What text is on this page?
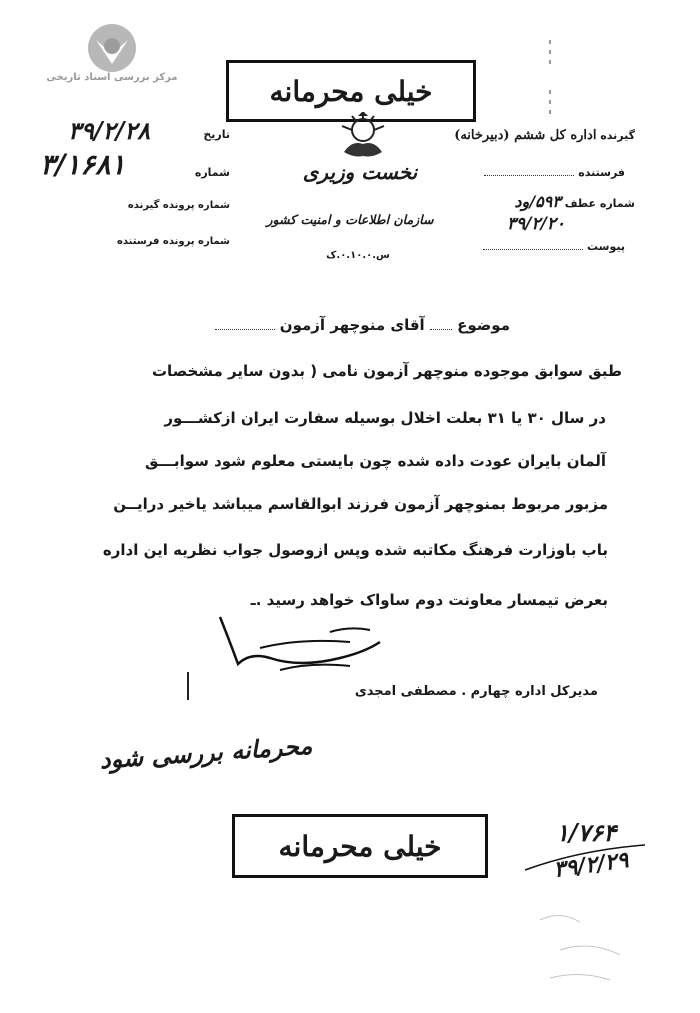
مرکز بررسی اسناد تاریخی	خیلی محرمانه
گیرنده اداره کل ششم (دبیرخانه)
فرستنده
شماره عطف ۵۹۳/ود
۳۹/۲/۲۰
پیوست
نخست وزیری
سازمان اطلاعات و امنیت کشور
س.۰.۱۰.۰.ک
۳۹/۲/۲۸	تاریخ
۳/۱۶۸۱	شماره
شماره پرونده گیرنده
شماره پرونده فرستنده
موضوع  آقای منوچهر آزمون
طبق سوابق موجوده منوچهر آزمون نامی ( بدون سایر مشخصات
در سال ۳۰ یا ۳۱ بعلت اخلال بوسیله سفارت ایران ازکشـــور
آلمان بایران عودت داده شده چون بایستی معلوم شود سوابـــق
مزبور مربوط بمنوچهر آزمون فرزند ابوالقاسم میباشد یاخیر درایــن
باب باوزارت فرهنگ مکاتبه شده وپس ازوصول جواب نظریه این اداره
بعرض تیمسار معاونت دوم ساواک خواهد رسید .ـ
مدیرکل اداره چهارم . مصطفی امجدی
محرمانه بررسی شود
خیلی محرمانه	۱/۷۶۴
۳۹/۲/۲۹
